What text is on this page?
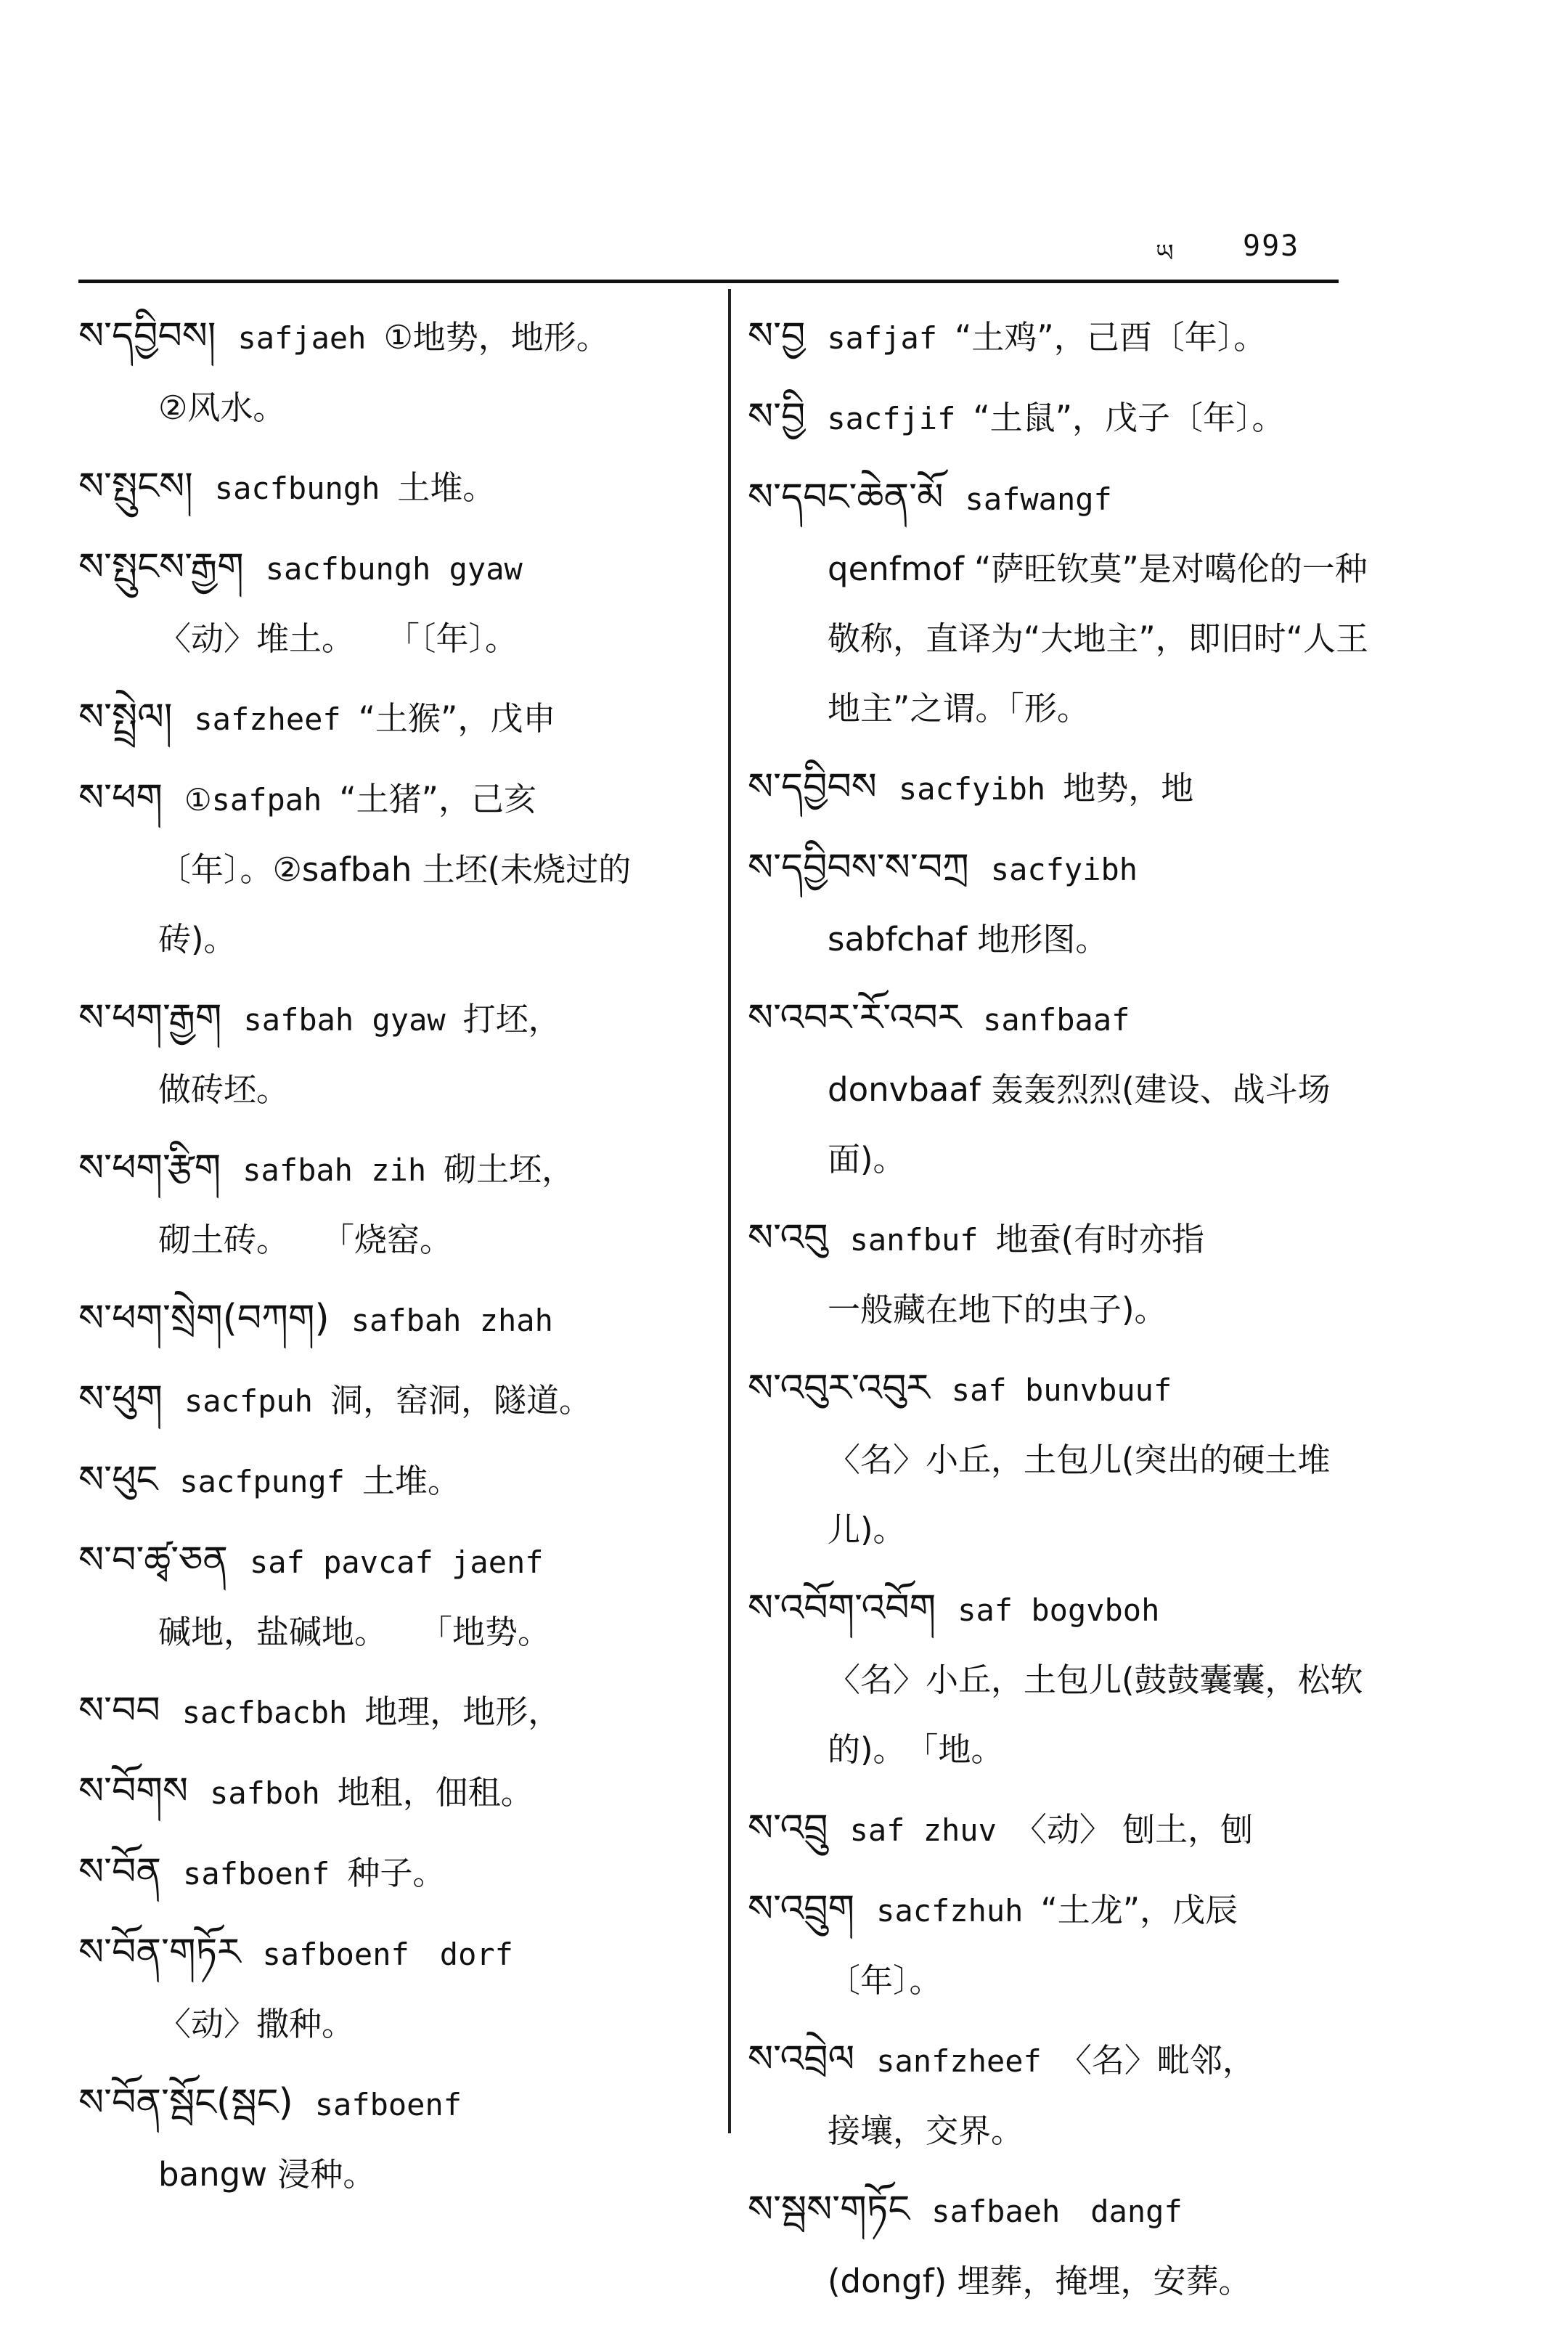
ཡ 993
ས་དབྱིབས། safjaeh ①地势，地形。
②风水。
ས་སྤུངས། sacfbungh 土堆。
ས་སྤུངས་རྒྱག sacfbungh gyaw
〈动〉堆土。　　「〔年〕。
ས་སྤྲེལ། safzheef “土猴”，戊申
ས་ཕག ①safpah “土猪”，己亥
〔年〕。②safbah 土坯(未烧过的砖)。
ས་ཕག་རྒྱག safbah gyaw 打坯，
做砖坯。
ས་ཕག་རྩིག safbah zih 砌土坯，
砌土砖。　　「烧窑。
ས་ཕག་སྲེག(བཀག) safbah zhah
ས་ཕུག sacfpuh 洞，窑洞，隧道。
ས་ཕུང sacfpungf 土堆。
ས་བ་ཚྭ་ཅན saf pavcaf jaenf
碱地，盐碱地。　　「地势。
ས་བབ sacfbacbh 地理，地形，
ས་བོགས safboh 地租，佃租。
ས་བོན safboenf 种子。
ས་བོན་གཏོར safboenf　dorf
〈动〉撒种。
ས་བོན་སྦོང(སྦང) safboenf
bangw 浸种。
ས་བྱ safjaf “土鸡”，己酉〔年〕。
ས་བྱི sacfjif “土鼠”，戊子〔年〕。
ས་དབང་ཆེན་མོ safwangf
qenfmof “萨旺钦莫”是对噶伦的一种敬称，直译为“大地主”，即旧时“人王地主”之谓。「形。
ས་དབྱིབས sacfyibh 地势，地
ས་དབྱིབས་ས་བཀྲ sacfyibh
sabfchaf 地形图。
ས་འབར་རོ་འབར sanfbaaf
donvbaaf 轰轰烈烈(建设、战斗场面)。
ས་འབུ sanfbuf 地蚕(有时亦指
一般藏在地下的虫子)。
ས་འབུར་འབུར saf bunvbuuf
〈名〉小丘，土包儿(突出的硬土堆儿)。
ས་འབོག་འབོག saf bogvboh
〈名〉小丘，土包儿(鼓鼓囊囊，松软的)。　「地。
ས་འབྲུ saf zhuv 〈动〉 刨土，刨
ས་འབྲུག sacfzhuh “土龙”，戊辰
〔年〕。
ས་འབྲེལ sanfzheef 〈名〉毗邻，
接壤，交界。
ས་སྦས་གཏོང safbaeh　dangf
(dongf) 埋葬，掩埋，安葬。
